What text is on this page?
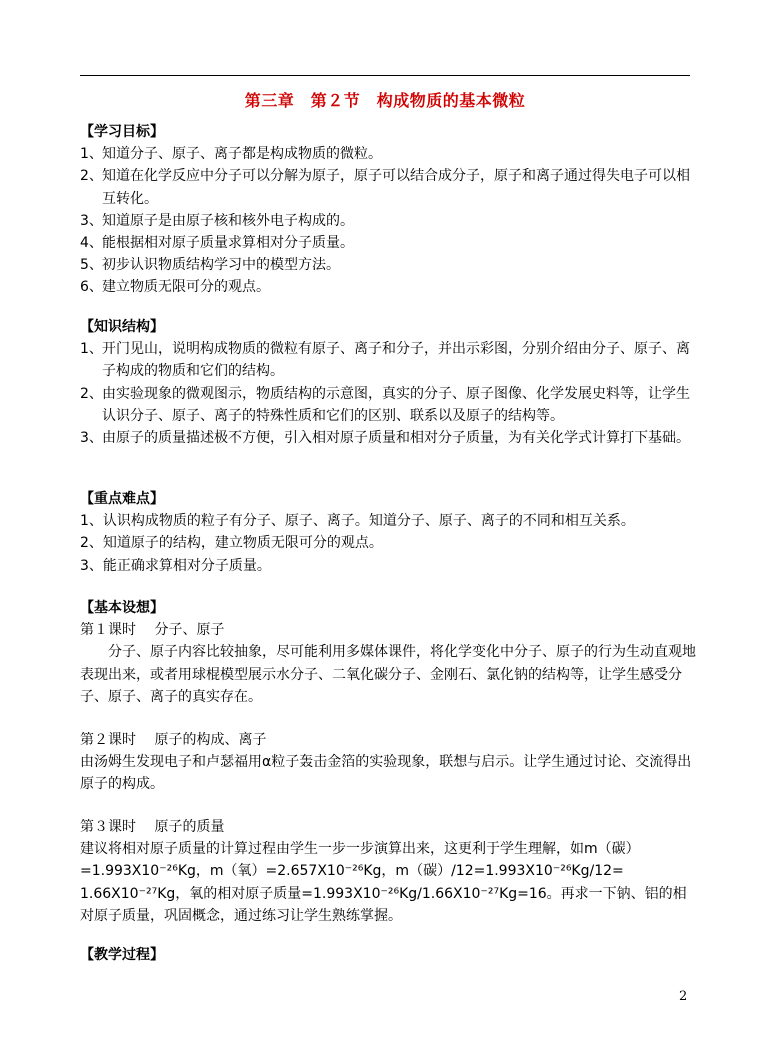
第三章　第２节　构成物质的基本微粒
【学习目标】
1、 知道分子、原子、离子都是构成物质的微粒。
2、 知道在化学反应中分子可以分解为原子，原子可以结合成分子，原子和离子通过得失电子可以相互转化。
3、 知道原子是由原子核和核外电子构成的。
4、 能根据相对原子质量求算相对分子质量。
5、 初步认识物质结构学习中的模型方法。
6、 建立物质无限可分的观点。
【知识结构】
1、 开门见山，说明构成物质的微粒有原子、离子和分子，并出示彩图，分别介绍由分子、原子、离子构成的物质和它们的结构。
2、 由实验现象的微观图示，物质结构的示意图，真实的分子、原子图像、化学发展史料等，让学生认识分子、原子、离子的特殊性质和它们的区别、联系以及原子的结构等。
3、 由原子的质量描述极不方便，引入相对原子质量和相对分子质量，为有关化学式计算打下基础。
【重点难点】
1、认识构成物质的粒子有分子、原子、离子。知道分子、原子、离子的不同和相互关系。
2、知道原子的结构，建立物质无限可分的观点。
3、能正确求算相对分子质量。
【基本设想】
第１课时　 分子、原子
分子、原子内容比较抽象，尽可能利用多媒体课件，将化学变化中分子、原子的行为生动直观地表现出来，或者用球棍模型展示水分子、二氧化碳分子、金刚石、氯化钠的结构等，让学生感受分子、原子、离子的真实存在。
第２课时　 原子的构成、离子
由汤姆生发现电子和卢瑟福用α粒子轰击金箔的实验现象，联想与启示。让学生通过讨论、交流得出原子的构成。
第３课时　 原子的质量
建议将相对原子质量的计算过程由学生一步一步演算出来，这更利于学生理解，如m（碳）=1.993X10⁻²⁶Kg，m（氧）=2.657X10⁻²⁶Kg，m（碳）/12=1.993X10⁻²⁶Kg/12= 1.66X10⁻²⁷Kg，氧的相对原子质量=1.993X10⁻²⁶Kg/1.66X10⁻²⁷Kg=16。再求一下钠、铝的相对原子质量，巩固概念，通过练习让学生熟练掌握。
【教学过程】
2
